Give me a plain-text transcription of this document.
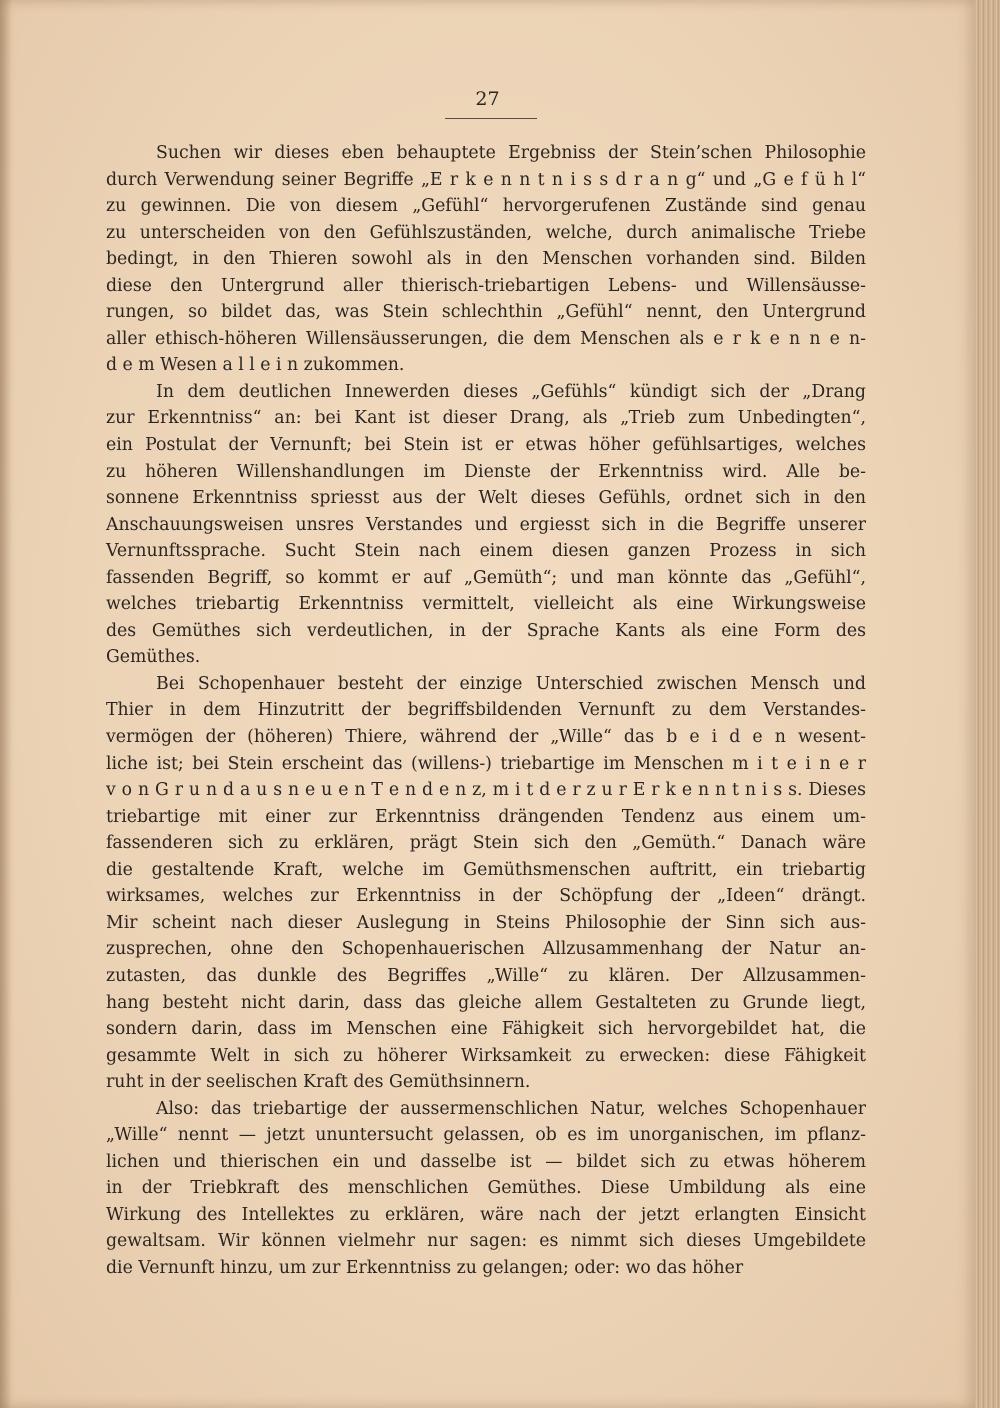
27
Suchen wir dieses eben behauptete Ergebniss der Stein’schen Philosophie
durch Verwendung seiner Begriffe „E r k e n n t n i s s d r a n g“ und „G e f ü h l“
zu gewinnen. Die von diesem „Gefühl“ hervorgerufenen Zustände sind genau
zu unterscheiden von den Gefühlszuständen, welche, durch animalische Triebe
bedingt, in den Thieren sowohl als in den Menschen vorhanden sind. Bilden
diese den Untergrund aller thierisch-triebartigen Lebens- und Willensäusse-
rungen, so bildet das, was Stein schlechthin „Gefühl“ nennt, den Untergrund
aller ethisch-höheren Willensäusserungen, die dem Menschen als e r k e n n e n-
d e m Wesen a l l e i n zukommen.
In dem deutlichen Innewerden dieses „Gefühls“ kündigt sich der „Drang
zur Erkenntniss“ an: bei Kant ist dieser Drang, als „Trieb zum Unbedingten“,
ein Postulat der Vernunft; bei Stein ist er etwas höher gefühlsartiges, welches
zu höheren Willenshandlungen im Dienste der Erkenntniss wird. Alle be-
sonnene Erkenntniss spriesst aus der Welt dieses Gefühls, ordnet sich in den
Anschauungsweisen unsres Verstandes und ergiesst sich in die Begriffe unserer
Vernunftssprache. Sucht Stein nach einem diesen ganzen Prozess in sich
fassenden Begriff, so kommt er auf „Gemüth“; und man könnte das „Gefühl“,
welches triebartig Erkenntniss vermittelt, vielleicht als eine Wirkungsweise
des Gemüthes sich verdeutlichen, in der Sprache Kants als eine Form des
Gemüthes.
Bei Schopenhauer besteht der einzige Unterschied zwischen Mensch und
Thier in dem Hinzutritt der begriffsbildenden Vernunft zu dem Verstandes-
vermögen der (höheren) Thiere, während der „Wille“ das b e i d e n wesent-
liche ist; bei Stein erscheint das (willens-) triebartige im Menschen m i t e i n e r
v o n G r u n d a u s n e u e n T e n d e n z, m i t d e r z u r E r k e n n t n i s s. Dieses
triebartige mit einer zur Erkenntniss drängenden Tendenz aus einem um-
fassenderen sich zu erklären, prägt Stein sich den „Gemüth.“ Danach wäre
die gestaltende Kraft, welche im Gemüthsmenschen auftritt, ein triebartig
wirksames, welches zur Erkenntniss in der Schöpfung der „Ideen“ drängt.
Mir scheint nach dieser Auslegung in Steins Philosophie der Sinn sich aus-
zusprechen, ohne den Schopenhauerischen Allzusammenhang der Natur an-
zutasten, das dunkle des Begriffes „Wille“ zu klären. Der Allzusammen-
hang besteht nicht darin, dass das gleiche allem Gestalteten zu Grunde liegt,
sondern darin, dass im Menschen eine Fähigkeit sich hervorgebildet hat, die
gesammte Welt in sich zu höherer Wirksamkeit zu erwecken: diese Fähigkeit
ruht in der seelischen Kraft des Gemüthsinnern.
Also: das triebartige der aussermenschlichen Natur, welches Schopenhauer
„Wille“ nennt — jetzt ununtersucht gelassen, ob es im unorganischen, im pflanz-
lichen und thierischen ein und dasselbe ist — bildet sich zu etwas höherem
in der Triebkraft des menschlichen Gemüthes. Diese Umbildung als eine
Wirkung des Intellektes zu erklären, wäre nach der jetzt erlangten Einsicht
gewaltsam. Wir können vielmehr nur sagen: es nimmt sich dieses Umgebildete
die Vernunft hinzu, um zur Erkenntniss zu gelangen; oder: wo das höher
